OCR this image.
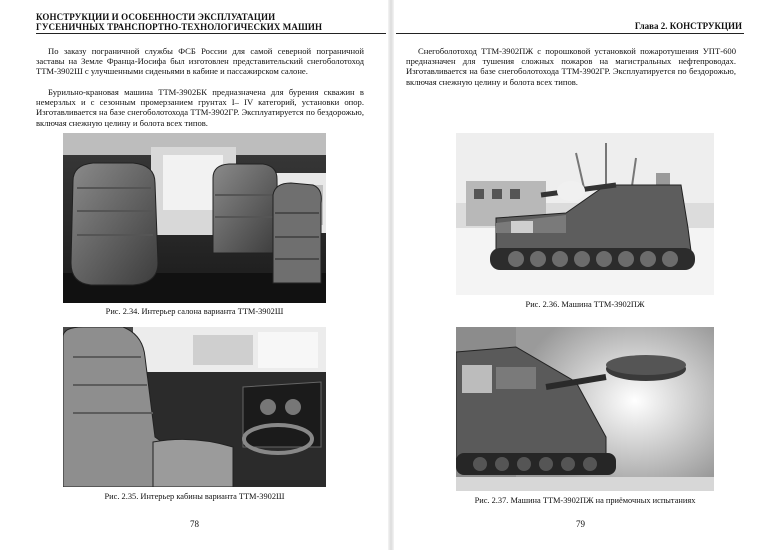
КОНСТРУКЦИИ И ОСОБЕННОСТИ ЭКСПЛУАТАЦИИ
ГУСЕНИЧНЫХ ТРАНСПОРТНО-ТЕХНОЛОГИЧЕСКИХ МАШИН	Глава 2. КОНСТРУКЦИИ

По заказу пограничной службы ФСБ России для самой северной пограничной заставы на Земле Франца-Иосифа был изготовлен представительский снегоболотоход ТТМ-3902Ш с улучшенными сиденьями в кабине и пассажирском салоне.

Бурильно-крановая машина ТТМ-3902БК предназначена для бурения скважин в немерзлых и с сезонным промерзанием грунтах I– IV категорий, установки опор. Изготавливается на базе снегоболотохода ТТМ-3902ГР. Эксплуатируется по бездорожью, включая снежную целину и болота всех типов.

Снегоболотоход ТТМ-3902ПЖ с порошковой установкой пожаротушения УПТ-600 предназначен для тушения сложных пожаров на магистральных нефтепроводах. Изготавливается на базе снегоболотохода ТТМ-3902ГР. Эксплуатируется по бездорожью, включая снежную целину и болота всех типов.

Рис. 2.34. Интерьер салона варианта ТТМ-3902Ш
Рис. 2.35. Интерьер кабины варианта ТТМ-3902Ш
Рис. 2.36. Машина ТТМ-3902ПЖ
Рис. 2.37. Машина ТТМ-3902ПЖ на приёмочных испытаниях
78	79
